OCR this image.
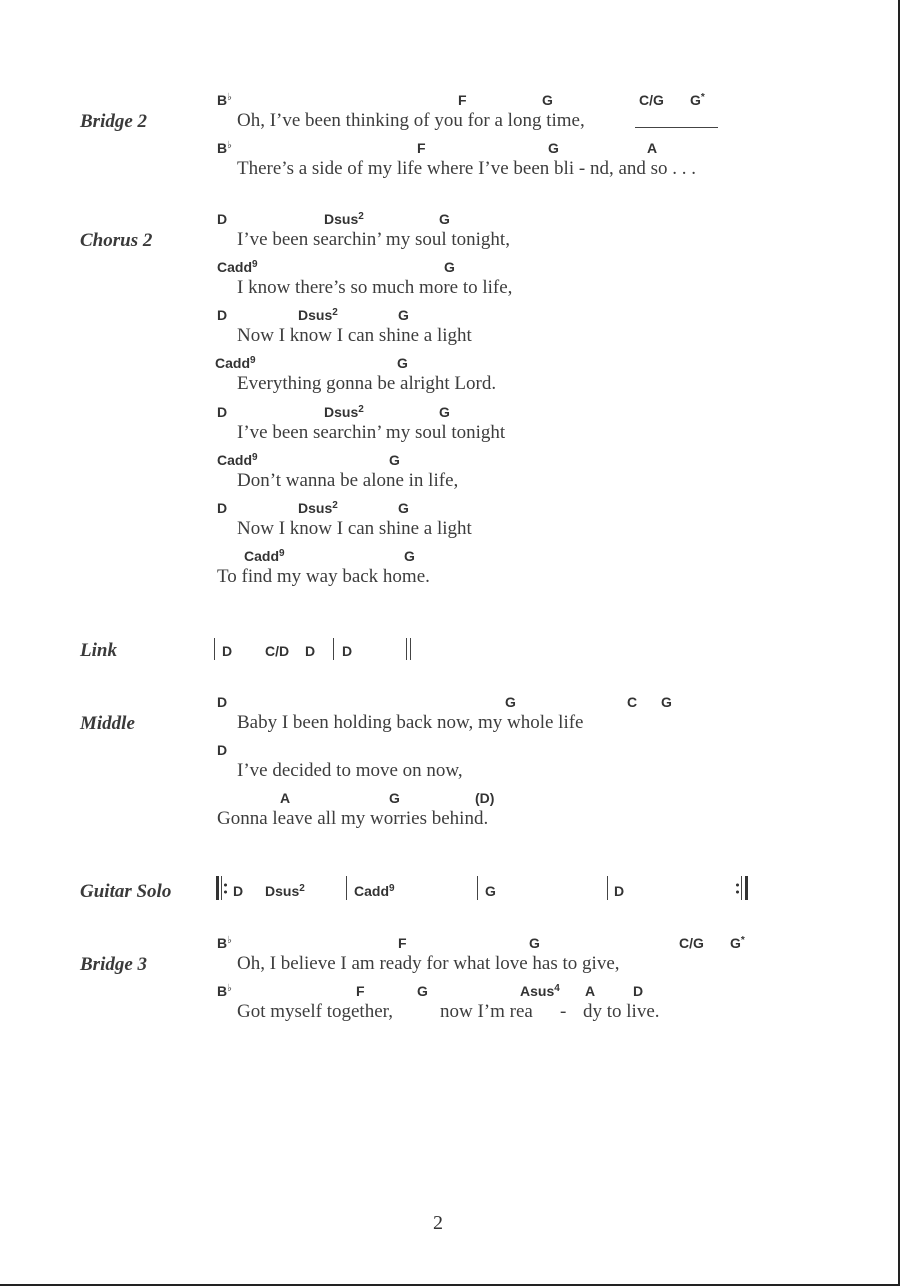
Bridge 2
B♭	F	G	C/G G*
Oh, I’ve been thinking of you for a long time,
B♭	F	G	A
There’s a side of my life where I’ve been bli - nd, and so . . .
Chorus 2
D	Dsus$^2$	G
I’ve been searchin’ my soul tonight,
Cadd$^9$	G
I know there’s so much more to life,
D	Dsus$^2$	G
Now I know I can shine a light
Cadd$^9$	G
Everything gonna be alright Lord.
D	Dsus$^2$	G
I’ve been searchin’ my soul tonight
Cadd$^9$	G
Don’t wanna be alone in life,
D	Dsus$^2$	G
Now I know I can shine a light
Cadd$^9$	G
To find my way back home.
Link	D C/D D D
Middle
D	G	C G
Baby I been holding back now, my whole life
D
I’ve decided to move on now,
A	G	(D)
Gonna leave all my worries behind.
Guitar Solo	D Dsus$^2$	Cadd$^9$	G	D
Bridge 3
B♭	F	G	C/G G*
Oh, I believe I am ready for what love has to give,
B♭	F	G	Asus$^4$ A	D
Got myself together, now I’m rea - dy to live.
2
